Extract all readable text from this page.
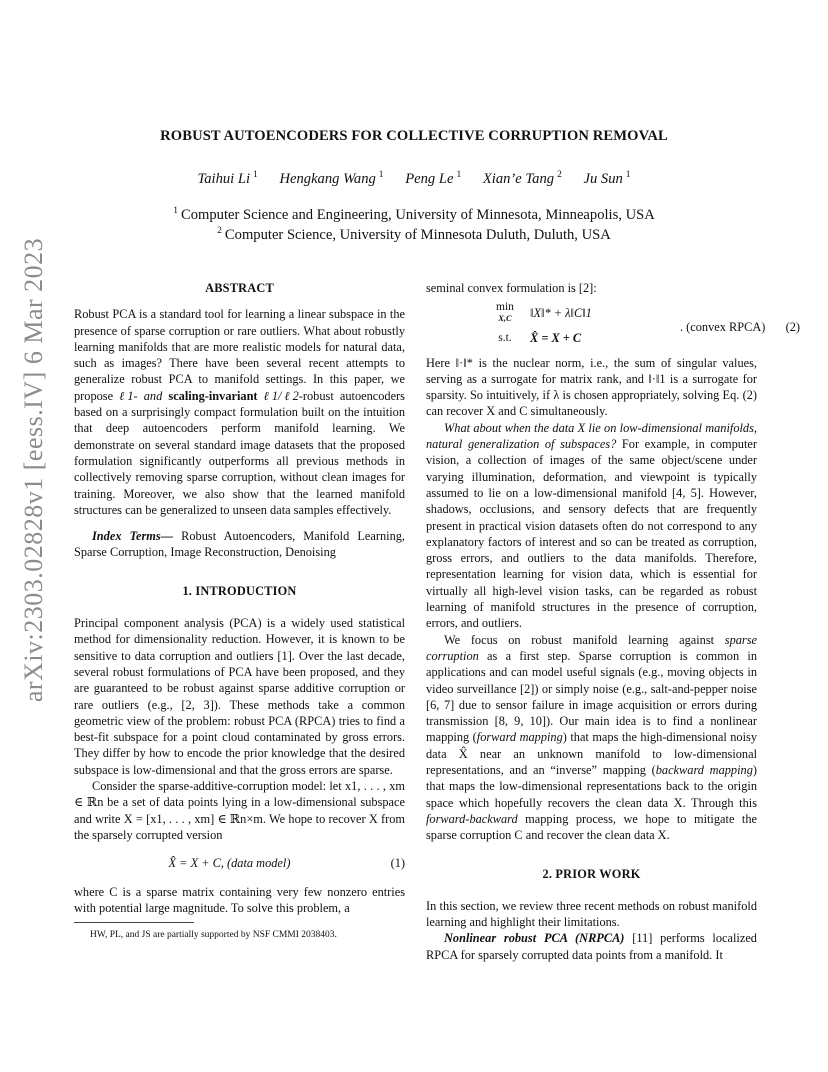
arXiv:2303.02828v1 [eess.IV] 6 Mar 2023
ROBUST AUTOENCODERS FOR COLLECTIVE CORRUPTION REMOVAL
Taihui Li $^1$ Hengkang Wang $^1$ Peng Le $^1$ Xian’e Tang $^2$ Ju Sun $^1$
$^1$ Computer Science and Engineering, University of Minnesota, Minneapolis, USA
$^2$ Computer Science, University of Minnesota Duluth, Duluth, USA
ABSTRACT

Robust PCA is a standard tool for learning a linear subspace in the presence of sparse corruption or rare outliers. What about robustly learning manifolds that are more realistic models for natural data, such as images? There have been several recent attempts to generalize robust PCA to manifold settings. In this paper, we propose ℓ1- and scaling-invariant ℓ1/ℓ2-robust autoencoders based on a surprisingly compact formulation built on the intuition that deep autoencoders perform manifold learning. We demonstrate on several standard image datasets that the proposed formulation significantly outperforms all previous methods in collectively removing sparse corruption, without clean images for training. Moreover, we also show that the learned manifold structures can be generalized to unseen data samples effectively.

Index Terms— Robust Autoencoders, Manifold Learning, Sparse Corruption, Image Reconstruction, Denoising

1. INTRODUCTION

Principal component analysis (PCA) is a widely used statistical method for dimensionality reduction. However, it is known to be sensitive to data corruption and outliers [1]. Over the last decade, several robust formulations of PCA have been proposed, and they are guaranteed to be robust against sparse additive corruption or rare outliers (e.g., [2, 3]). These methods take a common geometric view of the problem: robust PCA (RPCA) tries to find a best-fit subspace for a point cloud contaminated by gross errors. They differ by how to encode the prior knowledge that the desired subspace is low-dimensional and that the gross errors are sparse.

Consider the sparse-additive-corruption model: let x1, . . . , xm ∈ ℝn be a set of data points lying in a low-dimensional subspace and write X = [x1, . . . , xm] ∈ ℝn×m. We hope to recover X from the sparsely corrupted version

X̂ = X + C, (data model)	(1)

where C is a sparse matrix containing very few nonzero entries with potential large magnitude. To solve this problem, a

HW, PL, and JS are partially supported by NSF CMMI 2038403.

seminal convex formulation is [2]:

min
X,C	‖X‖* + λ‖C‖1
s.t.	X̂ = X + C
. (convex RPCA)	(2)

Here ‖·‖* is the nuclear norm, i.e., the sum of singular values, serving as a surrogate for matrix rank, and ‖·‖1 is a surrogate for sparsity. So intuitively, if λ is chosen appropriately, solving Eq. (2) can recover X and C simultaneously.

What about when the data X lie on low-dimensional manifolds, natural generalization of subspaces? For example, in computer vision, a collection of images of the same object/scene under varying illumination, deformation, and viewpoint is typically assumed to lie on a low-dimensional manifold [4, 5]. However, shadows, occlusions, and sensory defects that are frequently present in practical vision datasets often do not correspond to any explanatory factors of interest and so can be treated as corruption, gross errors, and outliers to the data manifolds. Therefore, representation learning for vision data, which is essential for virtually all high-level vision tasks, can be regarded as robust learning of manifold structures in the presence of corruption, errors, and outliers.

We focus on robust manifold learning against sparse corruption as a first step. Sparse corruption is common in applications and can model useful signals (e.g., moving objects in video surveillance [2]) or simply noise (e.g., salt-and-pepper noise [6, 7] due to sensor failure in image acquisition or errors during transmission [8, 9, 10]). Our main idea is to find a nonlinear mapping (forward mapping) that maps the high-dimensional noisy data X̂ near an unknown manifold to low-dimensional representations, and an “inverse” mapping (backward mapping) that maps the low-dimensional representations back to the origin space which hopefully recovers the clean data X. Through this forward-backward mapping process, we hope to mitigate the sparse corruption C and recover the clean data X.

2. PRIOR WORK

In this section, we review three recent methods on robust manifold learning and highlight their limitations.

Nonlinear robust PCA (NRPCA) [11] performs localized RPCA for sparsely corrupted data points from a manifold. It
